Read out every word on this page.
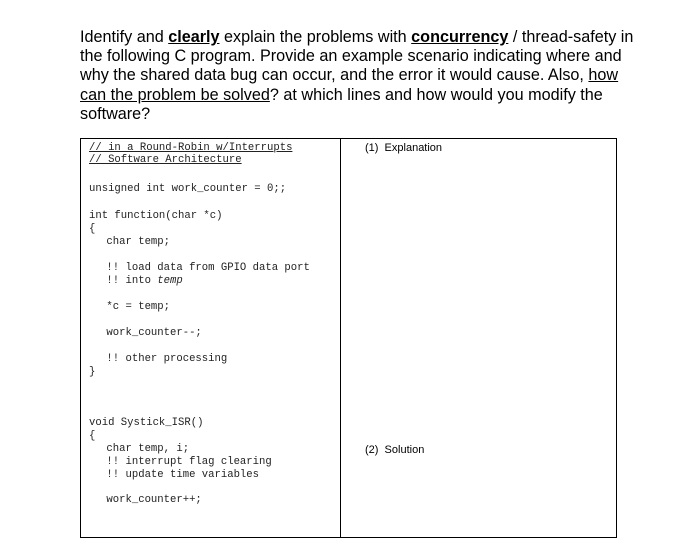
Identify and clearly explain the problems with concurrency / thread-safety in the following C program. Provide an example scenario indicating where and why the shared data bug can occur, and the error it would cause. Also, how can the problem be solved? at which lines and how would you modify the software?

// in a Round-Robin w/Interrupts
// Software Architecture
unsigned int work_counter = 0;;
int function(char *c)
{
char temp;
!! load data from GPIO data port
!! into temp
*c = temp;
work_counter--;
!! other processing
}
void Systick_ISR()
{
char temp, i;
!! interrupt flag clearing
!! update time variables
work_counter++;
(1)  Explanation
(2)  Solution
